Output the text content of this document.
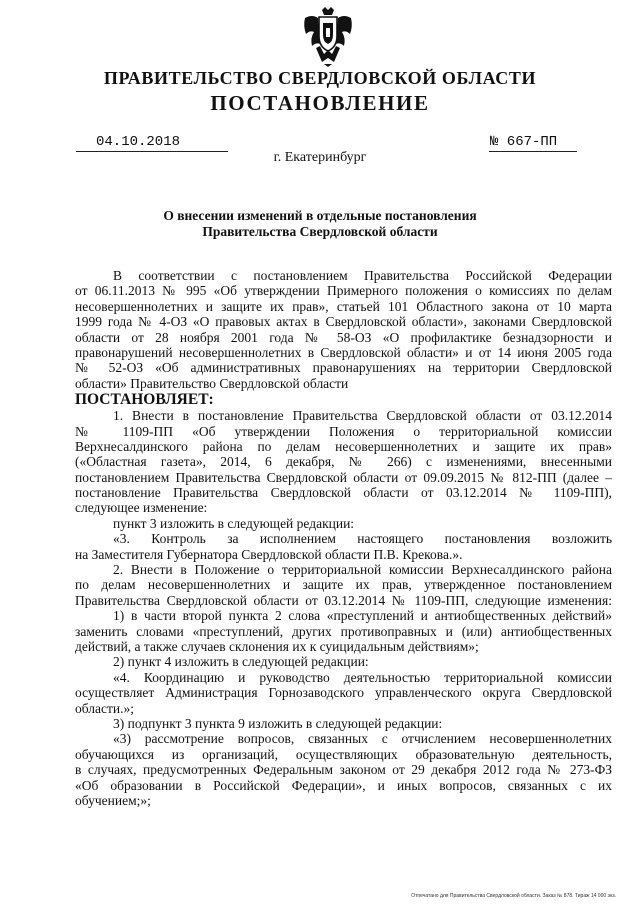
ПРАВИТЕЛЬСТВО СВЕРДЛОВСКОЙ ОБЛАСТИ
ПОСТАНОВЛЕНИЕ
04.10.2018	№ 667-ПП
г. Екатеринбург
О внесении изменений в отдельные постановления
Правительства Свердловской области
В соответствии с постановлением Правительства Российской Федерации
от 06.11.2013 № 995 «Об утверждении Примерного положения о комиссиях по делам
несовершеннолетних и защите их прав», статьей 101 Областного закона от 10 марта
1999 года № 4-ОЗ «О правовых актах в Свердловской области», законами Свердловской
области от 28 ноября 2001 года № 58-ОЗ «О профилактике безнадзорности и
правонарушений несовершеннолетних в Свердловской области» и от 14 июня 2005 года
№ 52-ОЗ «Об административных правонарушениях на территории Свердловской
области» Правительство Свердловской области
ПОСТАНОВЛЯЕТ:
1. Внести в постановление Правительства Свердловской области от 03.12.2014
№ 1109-ПП «Об утверждении Положения о территориальной комиссии
Верхнесалдинского района по делам несовершеннолетних и защите их прав»
(«Областная газета», 2014, 6 декабря, № 266) с изменениями, внесенными
постановлением Правительства Свердловской области от 09.09.2015 № 812-ПП (далее –
постановление Правительства Свердловской области от 03.12.2014 № 1109-ПП),
следующее изменение:
пункт 3 изложить в следующей редакции:
«3. Контроль за исполнением настоящего постановления возложить
на Заместителя Губернатора Свердловской области П.В. Крекова.».
2. Внести в Положение о территориальной комиссии Верхнесалдинского района
по делам несовершеннолетних и защите их прав, утвержденное постановлением
Правительства Свердловской области от 03.12.2014 № 1109-ПП, следующие изменения:
1) в части второй пункта 2 слова «преступлений и антиобщественных действий»
заменить словами «преступлений, других противоправных и (или) антиобщественных
действий, а также случаев склонения их к суицидальным действиям»;
2) пункт 4 изложить в следующей редакции:
«4. Координацию и руководство деятельностью территориальной комиссии
осуществляет Администрация Горнозаводского управленческого округа Свердловской
области.»;
3) подпункт 3 пункта 9 изложить в следующей редакции:
«3) рассмотрение вопросов, связанных с отчислением несовершеннолетних
обучающихся из организаций, осуществляющих образовательную деятельность,
в случаях, предусмотренных Федеральным законом от 29 декабря 2012 года № 273-ФЗ
«Об образовании в Российской Федерации», и иных вопросов, связанных с их
обучением;»;
Отпечатано для Правительства Свердловской области. Заказ № 878. Тираж 14 000 экз.
